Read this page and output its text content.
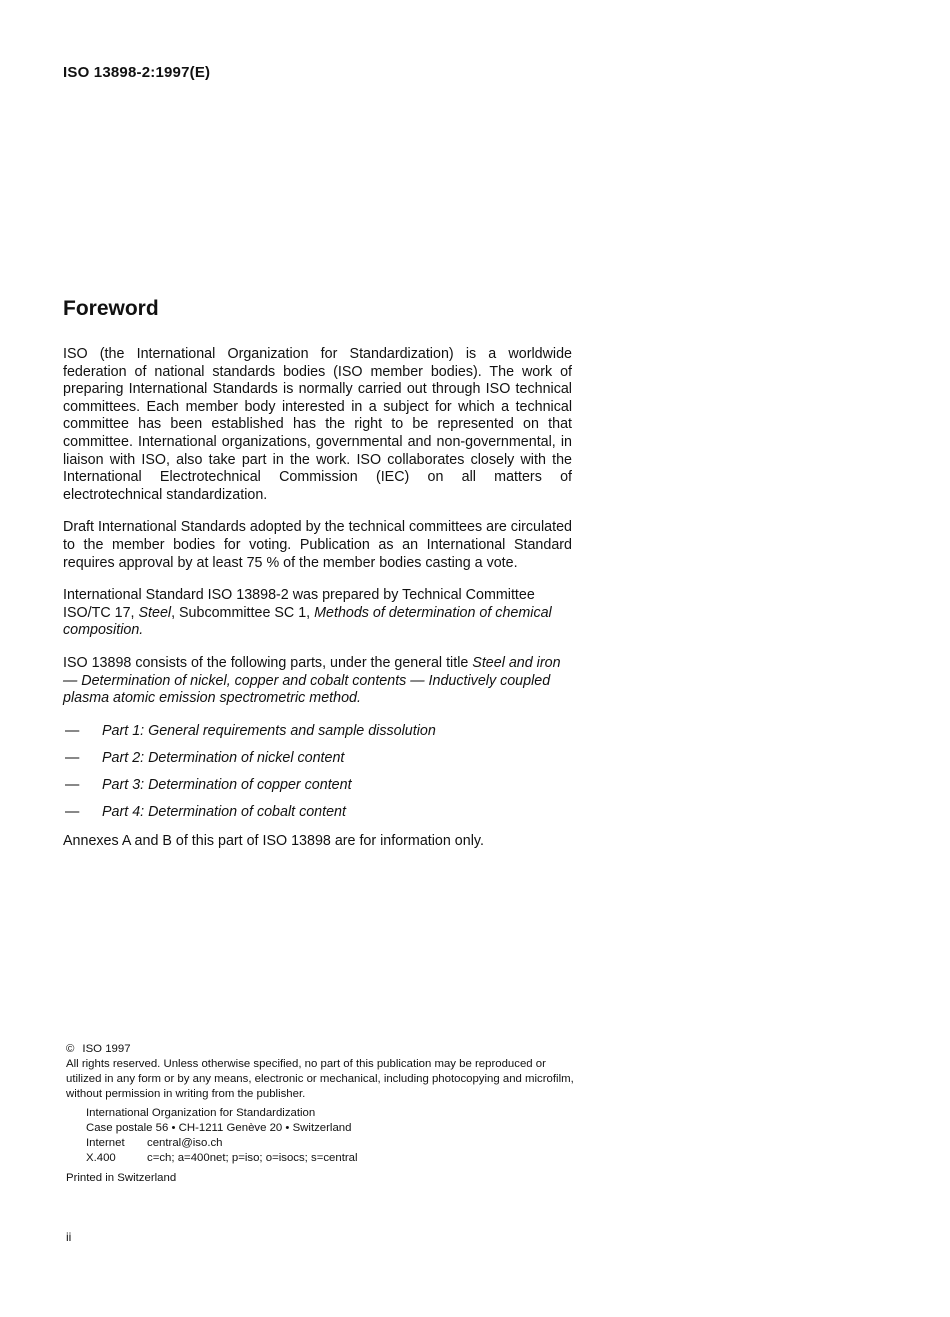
ISO 13898-2:1997(E)
Foreword

ISO (the International Organization for Standardization) is a worldwide federation of national standards bodies (ISO member bodies). The work of preparing International Standards is normally carried out through ISO technical committees. Each member body interested in a subject for which a technical committee has been established has the right to be represented on that committee. International organizations, governmental and non-governmental, in liaison with ISO, also take part in the work. ISO collaborates closely with the International Electrotechnical Commission (IEC) on all matters of electrotechnical standardization.

Draft International Standards adopted by the technical committees are circulated to the member bodies for voting. Publication as an International Standard requires approval by at least 75 % of the member bodies casting a vote.

International Standard ISO 13898-2 was prepared by Technical Committee ISO/TC 17, Steel, Subcommittee SC 1, Methods of determination of chemical composition.

ISO 13898 consists of the following parts, under the general title Steel and iron — Determination of nickel, copper and cobalt contents — Inductively coupled plasma atomic emission spectrometric method.

— Part 1: General requirements and sample dissolution
— Part 2: Determination of nickel content
— Part 3: Determination of copper content
— Part 4: Determination of cobalt content

Annexes A and B of this part of ISO 13898 are for information only.

© ISO 1997

All rights reserved. Unless otherwise specified, no part of this publication may be reproduced or utilized in any form or by any means, electronic or mechanical, including photocopying and microfilm, without permission in writing from the publisher.

International Organization for Standardization

Case postale 56 • CH-1211 Genève 20 • Switzerland

Internet	central@iso.ch
X.400	c=ch; a=400net; p=iso; o=isocs; s=central

Printed in Switzerland

ii
